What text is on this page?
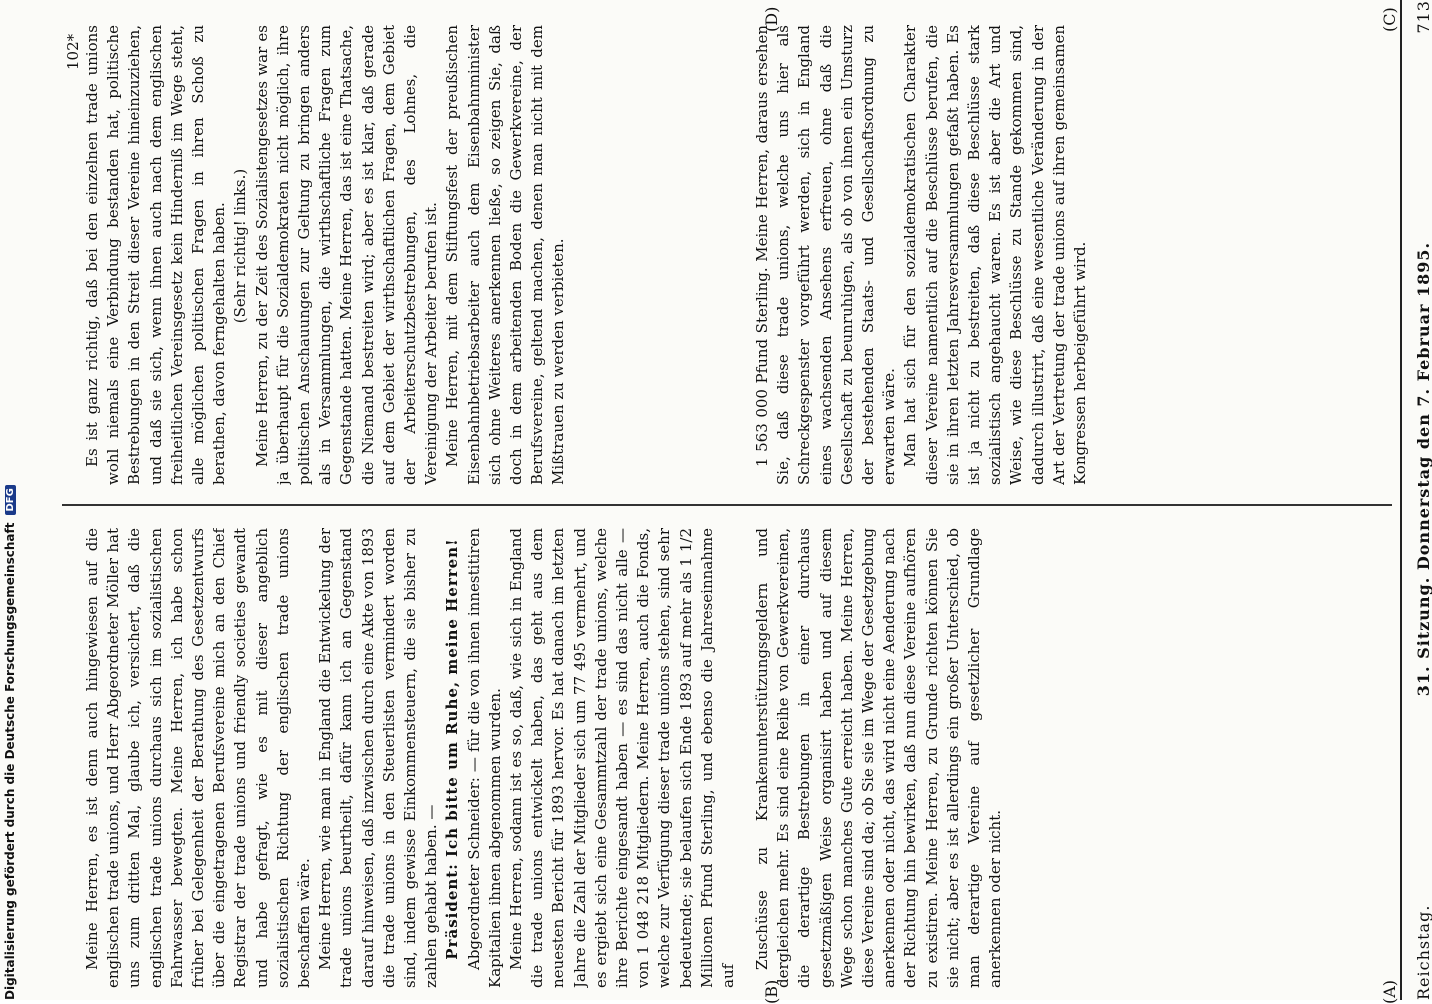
Reichstag.
31. Sitzung. Donnerstag den 7. Februar 1895.
713
(A)
(B)
(C)
(D)

Zuschüsse zu Krankenunterstützungsgeldern und dergleichen mehr. Es sind eine Reihe von Gewerkvereinen, die derartige Bestrebungen in einer durchaus gesetzmäßigen Weise organisirt haben und auf diesem Wege schon manches Gute erreicht haben. Meine Herren, diese Vereine sind da; ob Sie sie im Wege der Gesetzgebung anerkennen oder nicht, das wird nicht eine Aenderung nach der Richtung hin bewirken, daß nun diese Vereine aufhören zu existiren. Meine Herren, zu Grunde richten können Sie sie nicht; aber es ist allerdings ein großer Unterschied, ob man derartige Vereine auf gesetzlicher Grundlage anerkennen oder nicht.

Meine Herren, es ist denn auch hingewiesen auf die englischen trade unions, und Herr Abgeordneter Möller hat uns zum dritten Mal, glaube ich, versichert, daß die englischen trade unions durchaus sich im sozialistischen Fahrwasser bewegten. Meine Herren, ich habe schon früher bei Gelegenheit der Berathung des Gesetzentwurfs über die eingetragenen Berufsvereine mich an den Chief Registrar der trade unions und friendly societies gewandt und habe gefragt, wie es mit dieser angeblich sozialistischen Richtung der englischen trade unions beschaffen wäre. Meine Herren, wie man in England die Entwickelung der trade unions beurtheilt, dafür kann ich an Gegenstand darauf hinweisen, daß inzwischen durch eine Akte von 1893 die trade unions in den Steuerlisten vermindert worden sind, indem gewisse Einkommensteuern, die sie bisher zu zahlen gehabt haben. — Präsident: Ich bitte um Ruhe, meine Herren! Abgeordneter Schneider: — für die von ihnen innestitiren Kapitalien ihnen abgenommen wurden. Meine Herren, sodann ist es so, daß, wie sich in England die trade unions entwickelt haben, das geht aus dem neuesten Bericht für 1893 hervor. Es hat danach im letzten Jahre die Zahl der Mitglieder sich um 77 495 vermehrt, und es ergiebt sich eine Gesammtzahl der trade unions, welche ihre Berichte eingesandt haben — es sind das nicht alle — von 1 048 218 Mitgliedern. Meine Herren, auch die Fonds, welche zur Verfügung dieser trade unions stehen, sind sehr bedeutende; sie belaufen sich Ende 1893 auf mehr als 1 1/2 Millionen Pfund Sterling, und ebenso die Jahreseinnahme auf

1 563 000 Pfund Sterling. Meine Herren, daraus ersehen Sie, daß diese trade unions, welche uns hier als Schreckgespenster vorgeführt werden, sich in England eines wachsenden Ansehens erfreuen, ohne daß die Gesellschaft zu beunruhigen, als ob von ihnen ein Umsturz der bestehenden Staats- und Gesellschaftsordnung zu erwarten wäre. Man hat sich für den sozialdemokratischen Charakter dieser Vereine namentlich auf die Beschlüsse berufen, die sie in ihren letzten Jahresversammlungen gefaßt haben. Es ist ja nicht zu bestreiten, daß diese Beschlüsse stark sozialistisch angehaucht waren. Es ist aber die Art und Weise, wie diese Beschlüsse zu Stande gekommen sind, dadurch illustrirt, daß eine wesentliche Veränderung in der Art der Vertretung der trade unions auf ihren gemeinsamen Kongressen herbeigeführt wird.

Es ist ganz richtig, daß bei den einzelnen trade unions wohl niemals eine Verbindung bestanden hat, politische Bestrebungen in den Streit dieser Vereine hineinzuziehen, und daß sie sich, wenn ihnen auch nach dem englischen freiheitlichen Vereinsgesetz kein Hinderniß im Wege steht, alle möglichen politischen Fragen in ihren Schoß zu berathen, davon ferngehalten haben. (Sehr richtig! links.) Meine Herren, zu der Zeit des Sozialistengesetzes war es ja überhaupt für die Sozialdemokraten nicht möglich, ihre politischen Anschauungen zur Geltung zu bringen anders als in Versammlungen, die wirthschaftliche Fragen zum Gegenstande hatten. Meine Herren, das ist eine Thatsache, die Niemand bestreiten wird; aber es ist klar, daß gerade auf dem Gebiet der wirthschaftlichen Fragen, dem Gebiet der Arbeiterschutzbestrebungen, des Lohnes, die Vereinigung der Arbeiter berufen ist. Meine Herren, mit dem Stiftungsfest der preußischen Eisenbahnbetriebsarbeiter auch dem Eisenbahnminister sich ohne Weiteres anerkennen ließe, so zeigen Sie, daß doch in dem arbeitenden Boden die Gewerkvereine, der Berufsvereine, geltend machen, denen man nicht mit dem Mißtrauen zu werden verbieten.

102*
Digitalisierung gefördert durch die Deutsche Forschungsgemeinschaft
DFG
